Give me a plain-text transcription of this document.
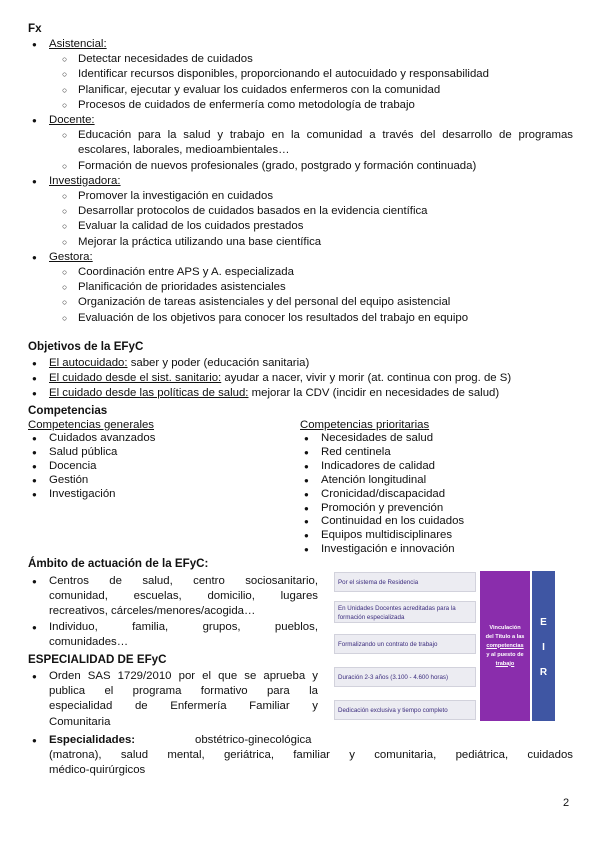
Fx
● Asistencial:
○ Detectar necesidades de cuidados
○ Identificar recursos disponibles, proporcionando el autocuidado y responsabilidad
○ Planificar, ejecutar y evaluar los cuidados enfermeros con la comunidad
○ Procesos de cuidados de enfermería como metodología de trabajo
● Docente:
○ Educación para la salud y trabajo en la comunidad a través del desarrollo de programas escolares, laborales, medioambientales…
○ Formación de nuevos profesionales (grado, postgrado y formación continuada)
● Investigadora:
○ Promover la investigación en cuidados
○ Desarrollar protocolos de cuidados basados en la evidencia científica
○ Evaluar la calidad de los cuidados prestados
○ Mejorar la práctica utilizando una base científica
● Gestora:
○ Coordinación entre APS y A. especializada
○ Planificación de prioridades asistenciales
○ Organización de tareas asistenciales y del personal del equipo asistencial
○ Evaluación de los objetivos para conocer los resultados del trabajo en equipo
Objetivos de la EFyC
● El autocuidado: saber y poder (educación sanitaria)
● El cuidado desde el sist. sanitario: ayudar a nacer, vivir y morir (at. continua con prog. de S)
● El cuidado desde las políticas de salud: mejorar la CDV (incidir en necesidades de salud)
Competencias
Competencias generales
● Cuidados avanzados
● Salud pública
● Docencia
● Gestión
● Investigación
Competencias prioritarias
● Necesidades de salud
● Red centinela
● Indicadores de calidad
● Atención longitudinal
● Cronicidad/discapacidad
● Promoción y prevención
● Continuidad en los cuidados
● Equipos multidisciplinares
● Investigación e innovación
Ámbito de actuación de la EFyC:
● Centros de salud, centro sociosanitario,
comunidad, escuelas, domicilio, lugares
recreativos, cárceles/menores/acogida…
● Individuo, familia, grupos, pueblos,
comunidades…
ESPECIALIDAD DE EFyC
● Orden SAS 1729/2010 por el que se aprueba y
publica el programa formativo para la
especialidad de Enfermería Familiar y
Comunitaria
● Especialidades:	obstétrico-ginecológica
(matrona), salud mental, geriátrica, familiar y comunitaria, pediátrica, cuidados
médico-quirúrgicos
Por el sistema de Residencia
En Unidades Docentes acreditadas para la formación especializada
Formalizando un contrato de trabajo
Duración 2-3 años (3.100 - 4.600 horas)
Dedicación exclusiva y tiempo completo
Vinculación
del Título a las
competencias
y al puesto de
trabajo
E
I
R
2
